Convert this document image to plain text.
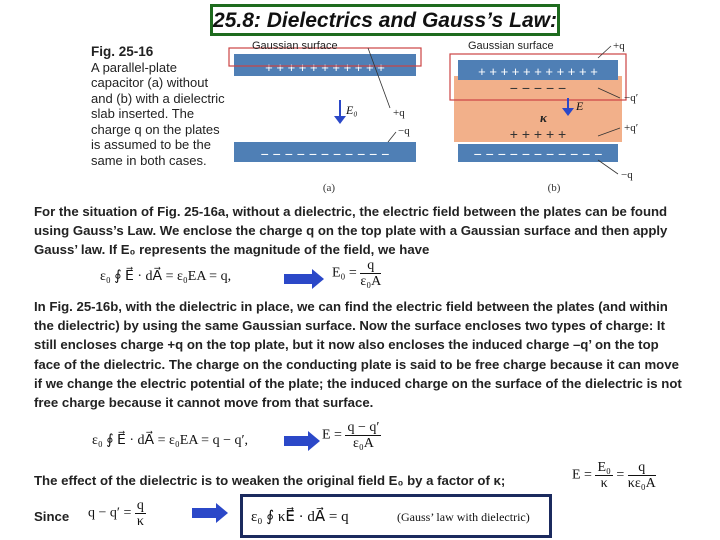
25.8: Dielectrics and Gauss’s Law:
Fig. 25-16
A parallel-plate capacitor (a) without and (b) with a dielectric slab inserted. The charge q on the plates is assumed to be the same in both cases.
+ + + + + + + + + + +
− − − − − − − − − − −
Gaussian surface
E₀	+q
−q
(a)
+ + + + + + + + + + +
− − − − −
+ + + + +
− − − − − − − − − − −
Gaussian surface
E
κ
+q
−q′
+q′
−q
(b)
For the situation of Fig. 25-16a, without a dielectric, the electric field between the plates can be found using Gauss’s Law. We enclose the charge q on the top plate with a Gaussian surface and then apply Gauss’ law. If E₀ represents the magnitude of the field, we have
ε₀ ∮ E⃗ · dA⃗ = ε₀EA = q,	$E_0 = \frac{q}{\text{ε₀A}}$
In Fig. 25-16b, with the dielectric in place, we can find the electric field between the plates (and within the dielectric) by using the same Gaussian surface. Now the surface encloses two types of charge: It still encloses charge +q on the top plate, but it now also encloses the induced charge –q’ on the top face of the dielectric. The charge on the conducting plate is said to be free charge because it can move if we change the electric potential of the plate; the induced charge on the surface of the dielectric is not free charge because it cannot move from that surface.
ε₀ ∮ E⃗ · dA⃗ = ε₀EA = q − q′,	$E = \frac{q - q'}{\text{ε₀A}}$
The effect of the dielectric is to weaken the original field E₀ by a factor of κ;	$E = \frac{\text{E₀}}{\kappa} = \frac{q}{\text{κε₀A}}$
Since	$q - q' = \frac{q}{\kappa}$	ε₀ ∮ κE⃗ · dA⃗ = q	(Gauss’ law with dielectric)
